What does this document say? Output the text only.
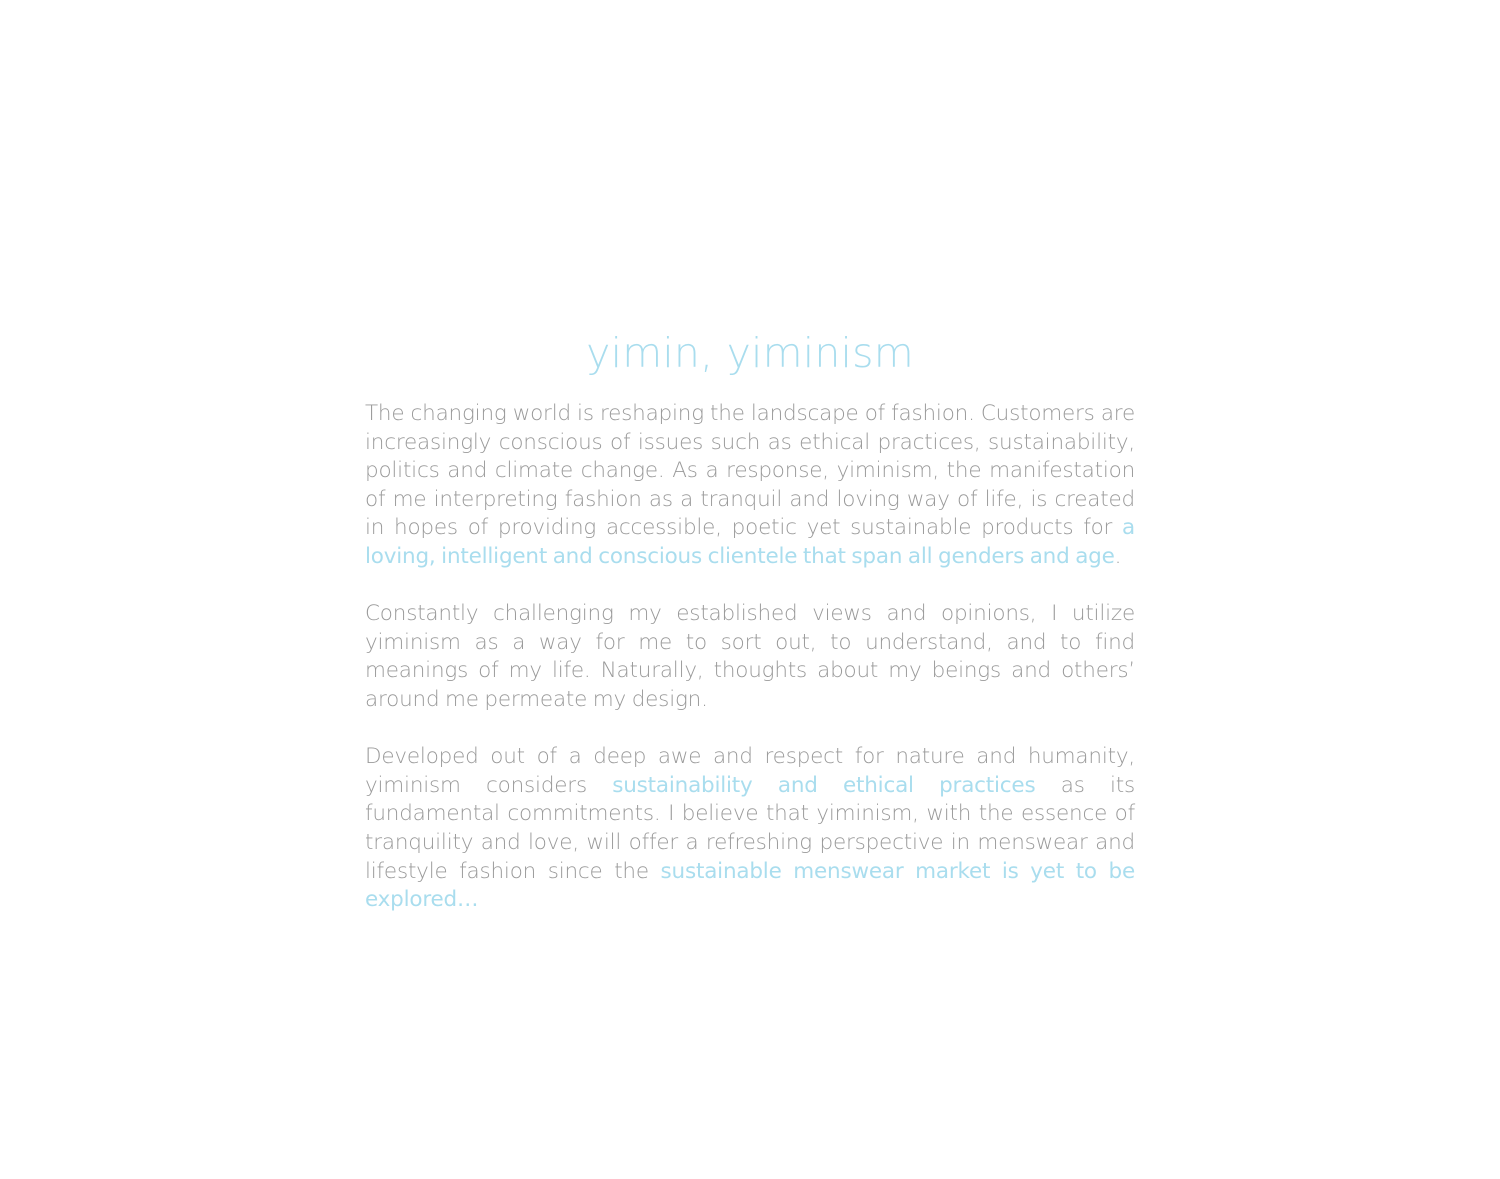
yimin, yiminism

The changing world is reshaping the landscape of fashion. Customers are increasingly conscious of issues such as ethical practices, sustainability, politics and climate change. As a response, yiminism, the manifestation of me interpreting fashion as a tranquil and loving way of life, is created in hopes of providing accessible, poetic yet sustainable products for a loving, intelligent and conscious clientele that span all genders and age.

Constantly challenging my established views and opinions, I utilize yiminism as a way for me to sort out, to understand, and to find meanings of my life. Naturally, thoughts about my beings and others’ around me permeate my design.

Developed out of a deep awe and respect for nature and humanity, yiminism considers sustainability and ethical practices as its fundamental commitments. I believe that yiminism, with the essence of tranquility and love, will offer a refreshing perspective in menswear and lifestyle fashion since the sustainable menswear market is yet to be explored…
